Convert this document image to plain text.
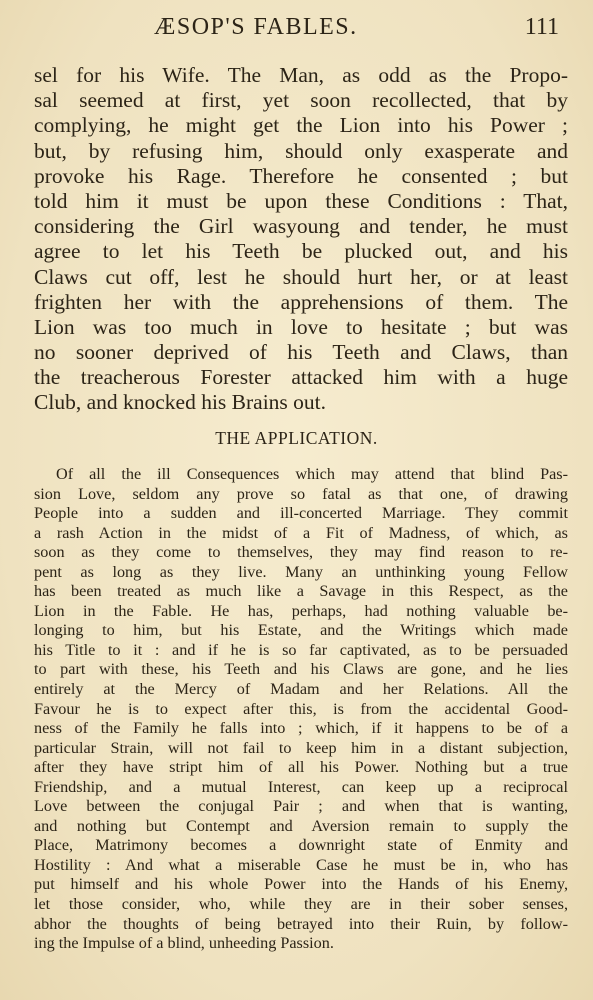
ÆSOP'S FABLES.	111
sel for his Wife. The Man, as odd as the Propo-
sal seemed at first, yet soon recollected, that by
complying, he might get the Lion into his Power ;
but, by refusing him, should only exasperate and
provoke his Rage. Therefore he consented ; but
told him it must be upon these Conditions : That,
considering the Girl wasyoung and tender, he must
agree to let his Teeth be plucked out, and his
Claws cut off, lest he should hurt her, or at least
frighten her with the apprehensions of them. The
Lion was too much in love to hesitate ; but was
no sooner deprived of his Teeth and Claws, than
the treacherous Forester attacked him with a huge
Club, and knocked his Brains out.
THE APPLICATION.
Of all the ill Consequences which may attend that blind Pas-
sion Love, seldom any prove so fatal as that one, of drawing
People into a sudden and ill-concerted Marriage. They commit
a rash Action in the midst of a Fit of Madness, of which, as
soon as they come to themselves, they may find reason to re-
pent as long as they live. Many an unthinking young Fellow
has been treated as much like a Savage in this Respect, as the
Lion in the Fable. He has, perhaps, had nothing valuable be-
longing to him, but his Estate, and the Writings which made
his Title to it : and if he is so far captivated, as to be persuaded
to part with these, his Teeth and his Claws are gone, and he lies
entirely at the Mercy of Madam and her Relations. All the
Favour he is to expect after this, is from the accidental Good-
ness of the Family he falls into ; which, if it happens to be of a
particular Strain, will not fail to keep him in a distant subjection,
after they have stript him of all his Power. Nothing but a true
Friendship, and a mutual Interest, can keep up a reciprocal
Love between the conjugal Pair ; and when that is wanting,
and nothing but Contempt and Aversion remain to supply the
Place, Matrimony becomes a downright state of Enmity and
Hostility : And what a miserable Case he must be in, who has
put himself and his whole Power into the Hands of his Enemy,
let those consider, who, while they are in their sober senses,
abhor the thoughts of being betrayed into their Ruin, by follow-
ing the Impulse of a blind, unheeding Passion.
